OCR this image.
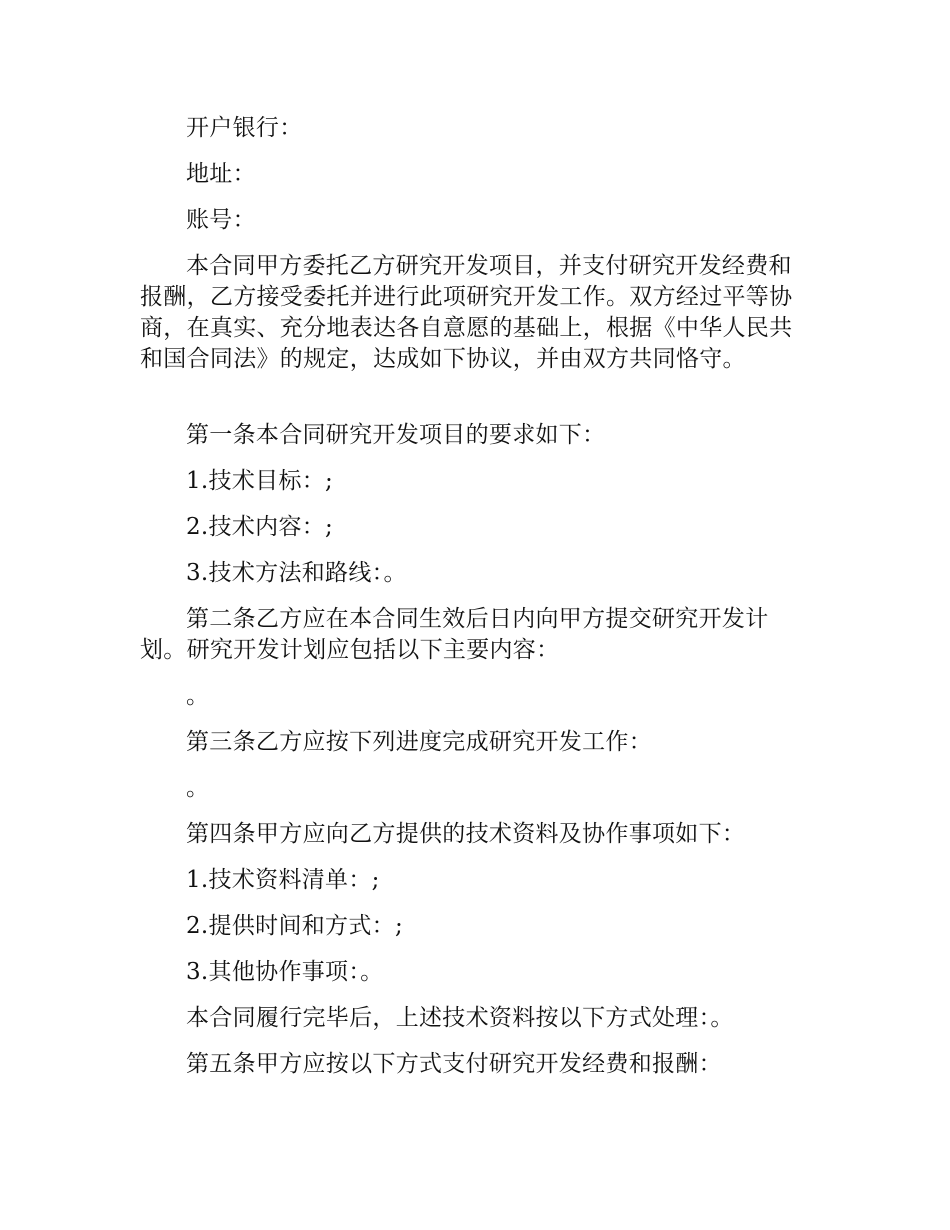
开户银行：

地址：

账号：

本合同甲方委托乙方研究开发项目，并支付研究开发经费和报酬，乙方接受委托并进行此项研究开发工作。双方经过平等协商，在真实、充分地表达各自意愿的基础上，根据《中华人民共和国合同法》的规定，达成如下协议，并由双方共同恪守。

第一条本合同研究开发项目的要求如下：

1.技术目标：;

2.技术内容：;

3.技术方法和路线：。

第二条乙方应在本合同生效后日内向甲方提交研究开发计划。研究开发计划应包括以下主要内容：

。

第三条乙方应按下列进度完成研究开发工作：

。

第四条甲方应向乙方提供的技术资料及协作事项如下：

1.技术资料清单：;

2.提供时间和方式：;

3.其他协作事项：。

本合同履行完毕后，上述技术资料按以下方式处理：。

第五条甲方应按以下方式支付研究开发经费和报酬：
